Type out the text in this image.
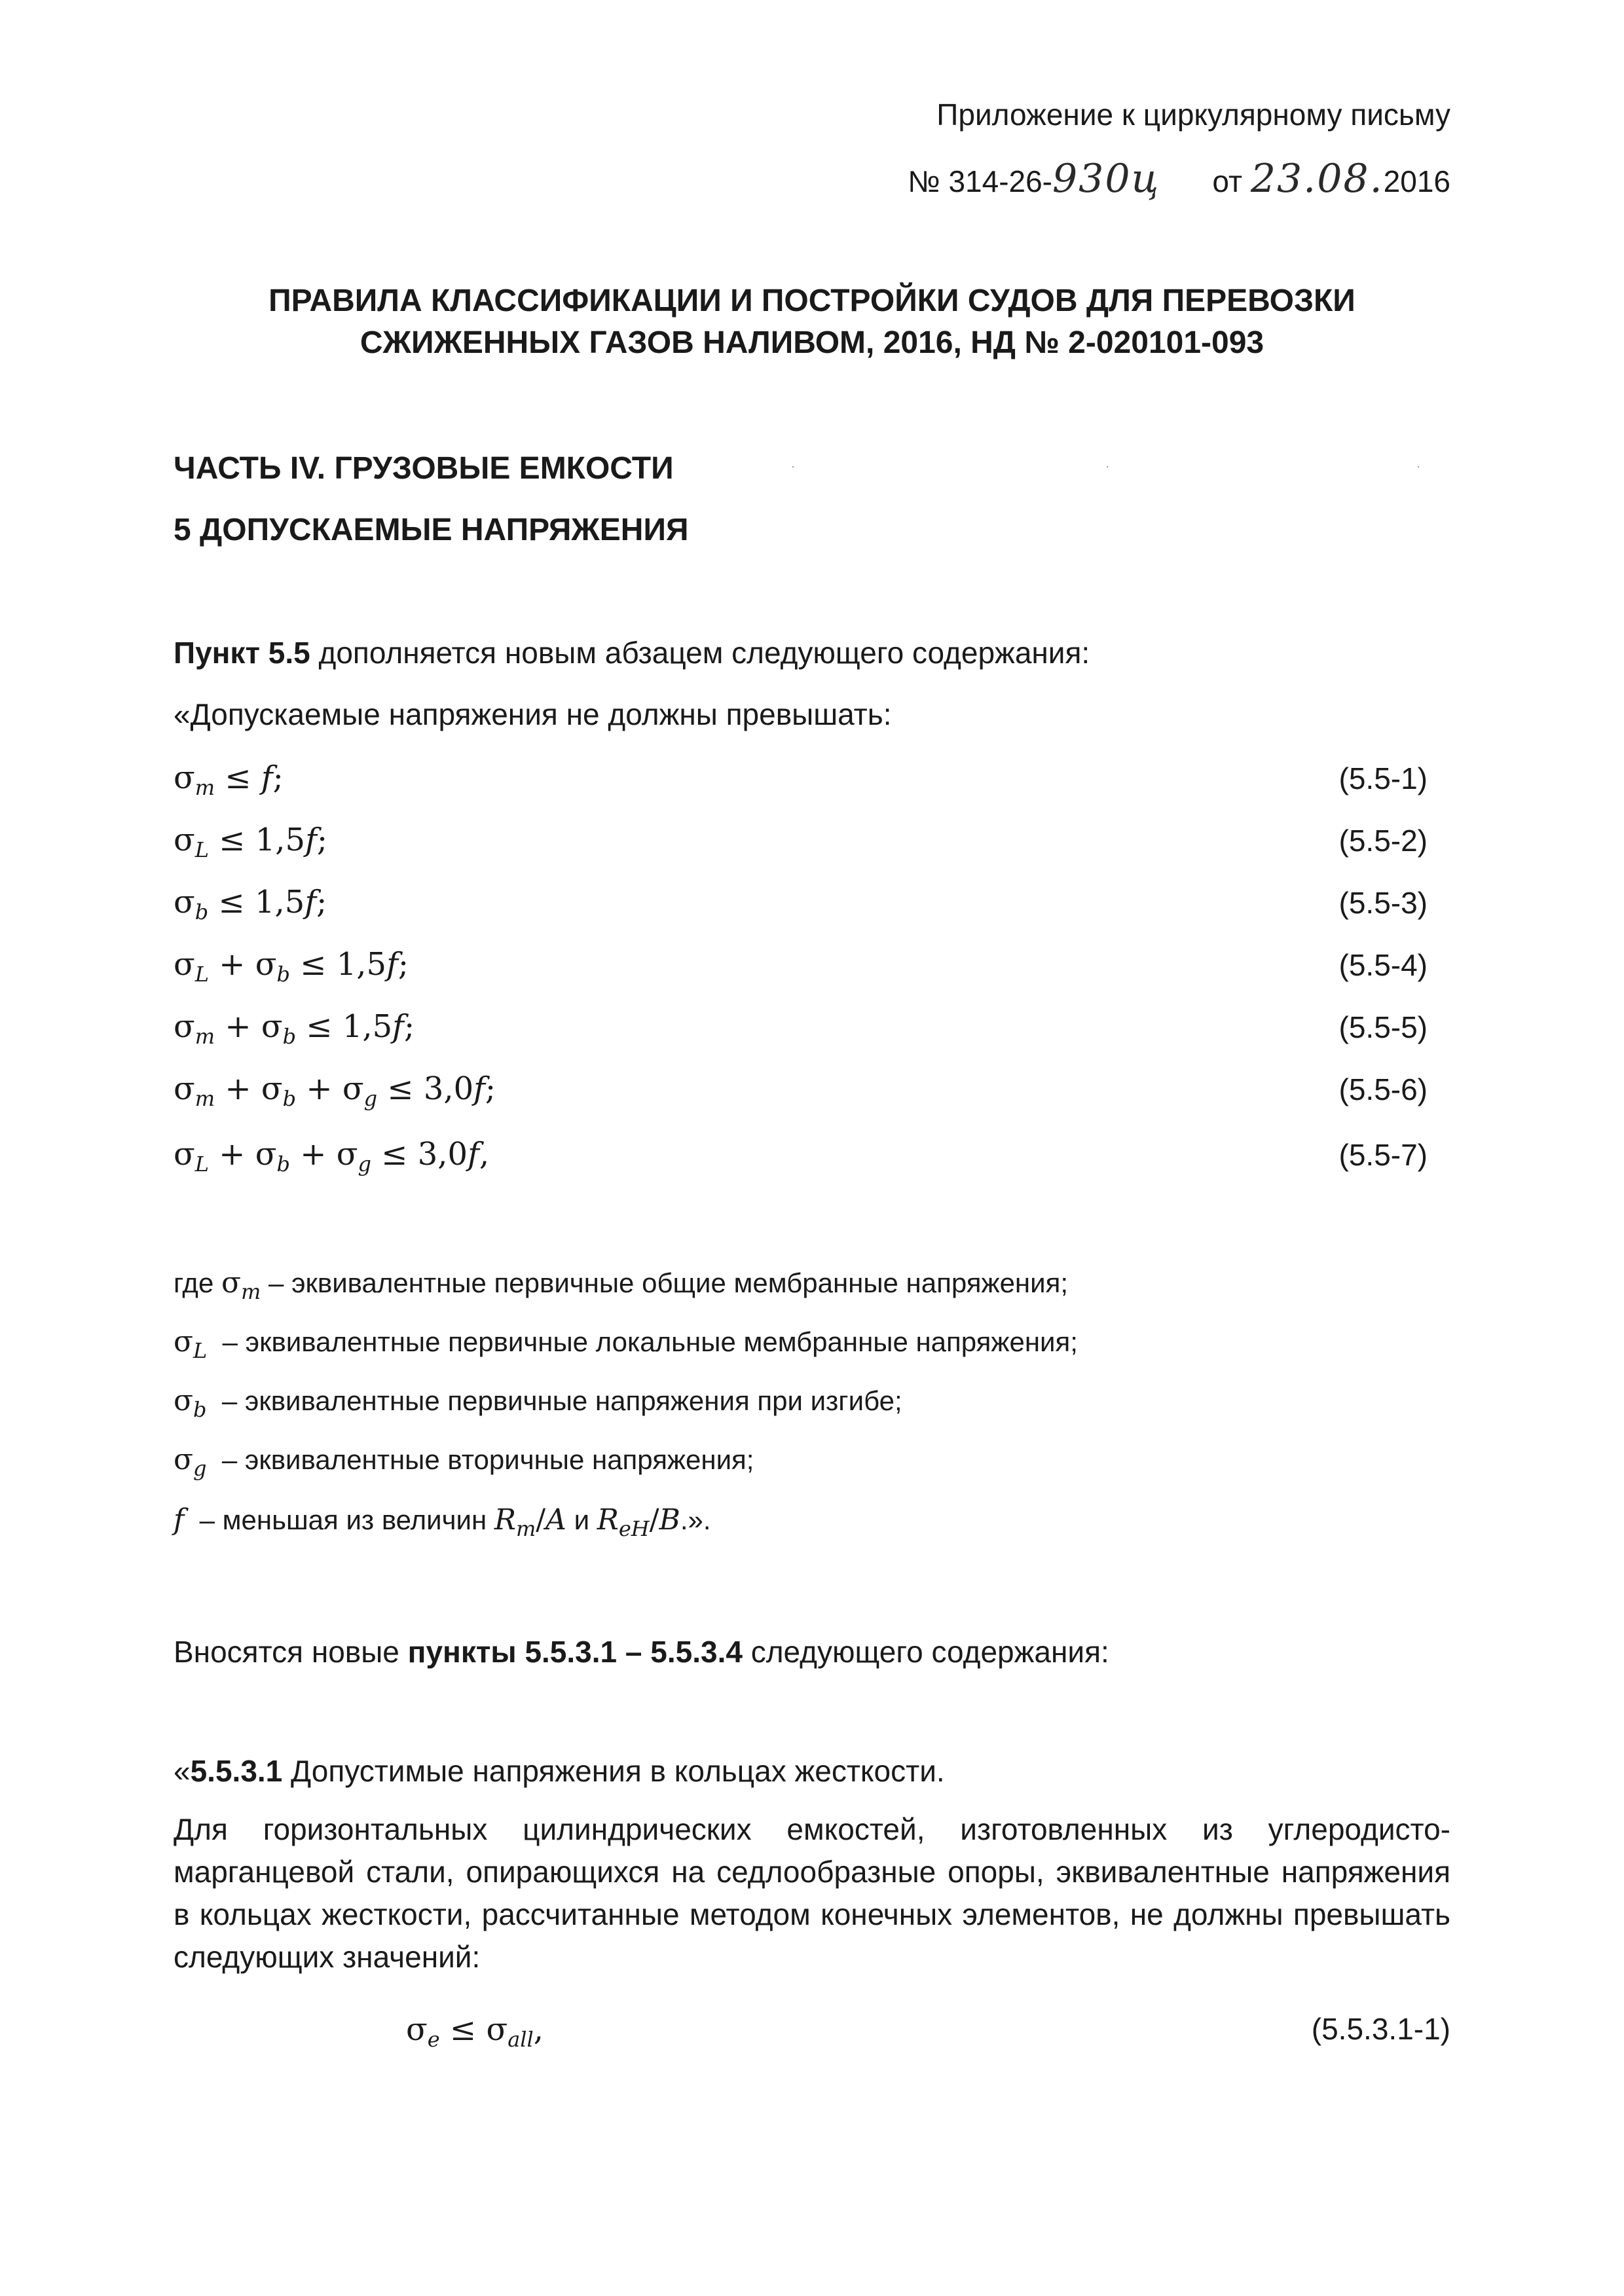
Приложение к циркулярному письму
№ 314-26-930ц от 23.08.2016
ПРАВИЛА КЛАССИФИКАЦИИ И ПОСТРОЙКИ СУДОВ ДЛЯ ПЕРЕВОЗКИ
СЖИЖЕННЫХ ГАЗОВ НАЛИВОМ, 2016, НД № 2-020101-093
ЧАСТЬ IV. ГРУЗОВЫЕ ЕМКОСТИ
5 ДОПУСКАЕМЫЕ НАПРЯЖЕНИЯ
Пункт 5.5 дополняется новым абзацем следующего содержания:
«Допускаемые напряжения не должны превышать:
$\sigma_m \le f$;	(5.5-1)
$\sigma_L \le 1,5f$;	(5.5-2)
$\sigma_b \le 1,5f$;	(5.5-3)
$\sigma_L + \sigma_b \le 1,5f$;	(5.5-4)
$\sigma_m + \sigma_b \le 1,5f$;	(5.5-5)
$\sigma_m + \sigma_b + \sigma_g \le 3,0f$;	(5.5-6)
$\sigma_L + \sigma_b + \sigma_g \le 3,0f$,	(5.5-7)
где $\sigma_m$ – эквивалентные первичные общие мембранные напряжения;
$\sigma_L$ – эквивалентные первичные локальные мембранные напряжения;
$\sigma_b$ – эквивалентные первичные напряжения при изгибе;
$\sigma_g$ – эквивалентные вторичные напряжения;
f – меньшая из величин $R_m/A$ и $R_{eH}/B$.».
Вносятся новые пункты 5.5.3.1 – 5.5.3.4 следующего содержания:
«5.5.3.1 Допустимые напряжения в кольцах жесткости.
Для горизонтальных цилиндрических емкостей, изготовленных из углеродисто-марганцевой стали, опирающихся на седлообразные опоры, эквивалентные напряжения в кольцах жесткости, рассчитанные методом конечных элементов, не должны превышать следующих значений:
$\sigma_e \le \sigma_{all}$,	(5.5.3.1-1)
